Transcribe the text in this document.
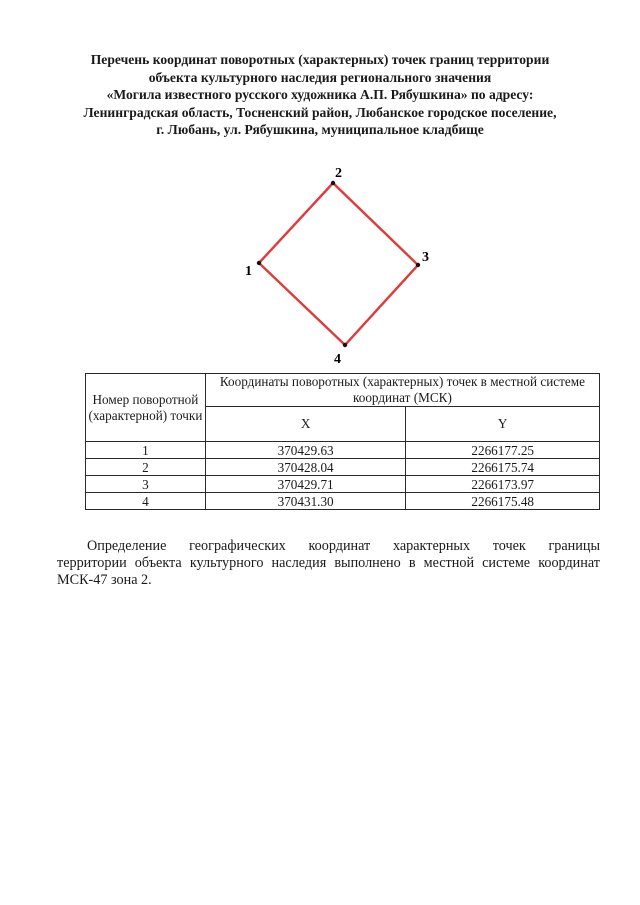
Перечень координат поворотных (характерных) точек границ территории
объекта культурного наследия регионального значения
«Могила известного русского художника А.П. Рябушкина» по адресу:
Ленинградская область, Тосненский район, Любанское городское поселение,
г. Любань, ул. Рябушкина, муниципальное кладбище
1
2
3
4
Номер поворотной (характерной) точки	Координаты поворотных (характерных) точек в местной системе координат (МСК)	
	X	Y
1	370429.63	2266177.25
2	370428.04	2266175.74
3	370429.71	2266173.97
4	370431.30	2266175.48
Определение географических координат характерных точек границы
территории объекта культурного наследия выполнено в местной системе координат
МСК-47 зона 2.
